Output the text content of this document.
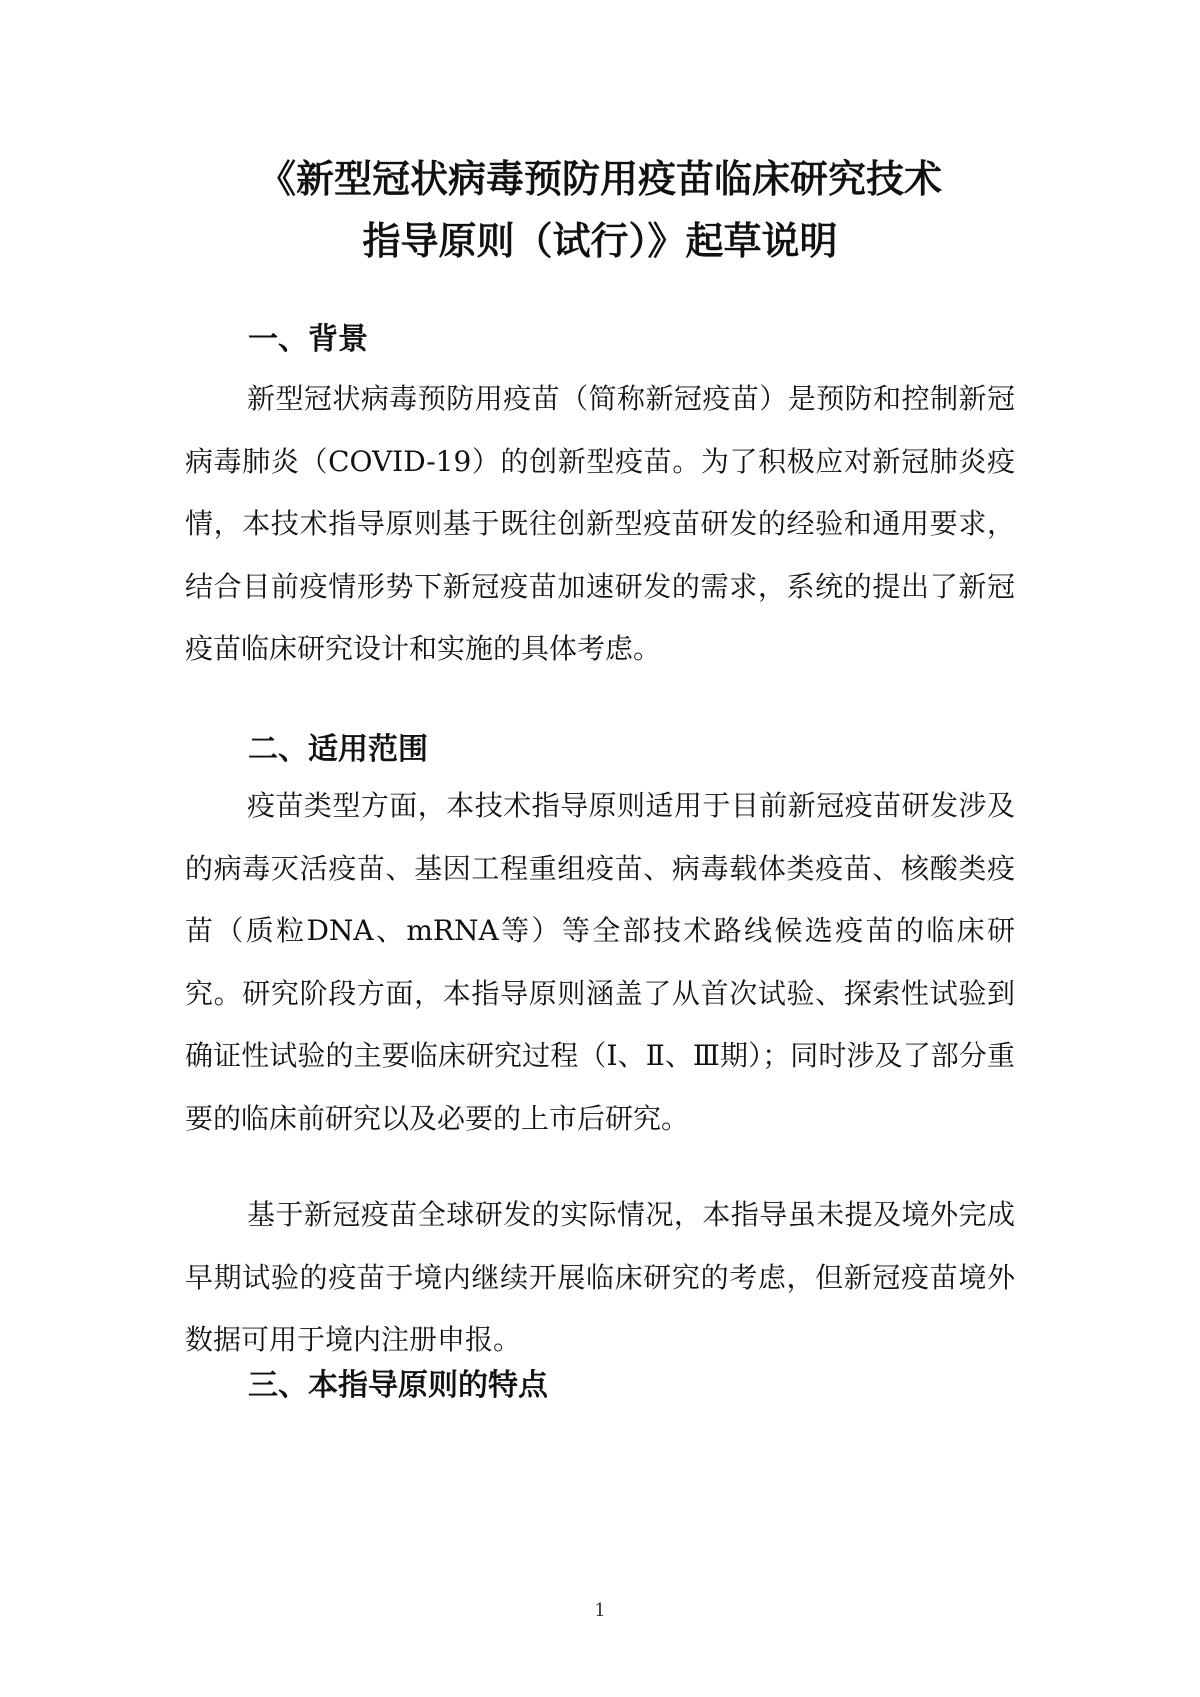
《新型冠状病毒预防用疫苗临床研究技术
指导原则（试行）》起草说明
一、背景

新型冠状病毒预防用疫苗（简称新冠疫苗）是预防和控制新冠病毒肺炎（COVID-19）的创新型疫苗。为了积极应对新冠肺炎疫情，本技术指导原则基于既往创新型疫苗研发的经验和通用要求，结合目前疫情形势下新冠疫苗加速研发的需求，系统的提出了新冠疫苗临床研究设计和实施的具体考虑。

二、适用范围

疫苗类型方面，本技术指导原则适用于目前新冠疫苗研发涉及的病毒灭活疫苗、基因工程重组疫苗、病毒载体类疫苗、核酸类疫苗（质粒DNA、mRNA等）等全部技术路线候选疫苗的临床研究。研究阶段方面，本指导原则涵盖了从首次试验、探索性试验到确证性试验的主要临床研究过程（Ⅰ、Ⅱ、Ⅲ期）；同时涉及了部分重要的临床前研究以及必要的上市后研究。

基于新冠疫苗全球研发的实际情况，本指导虽未提及境外完成早期试验的疫苗于境内继续开展临床研究的考虑，但新冠疫苗境外数据可用于境内注册申报。

三、本指导原则的特点
1
